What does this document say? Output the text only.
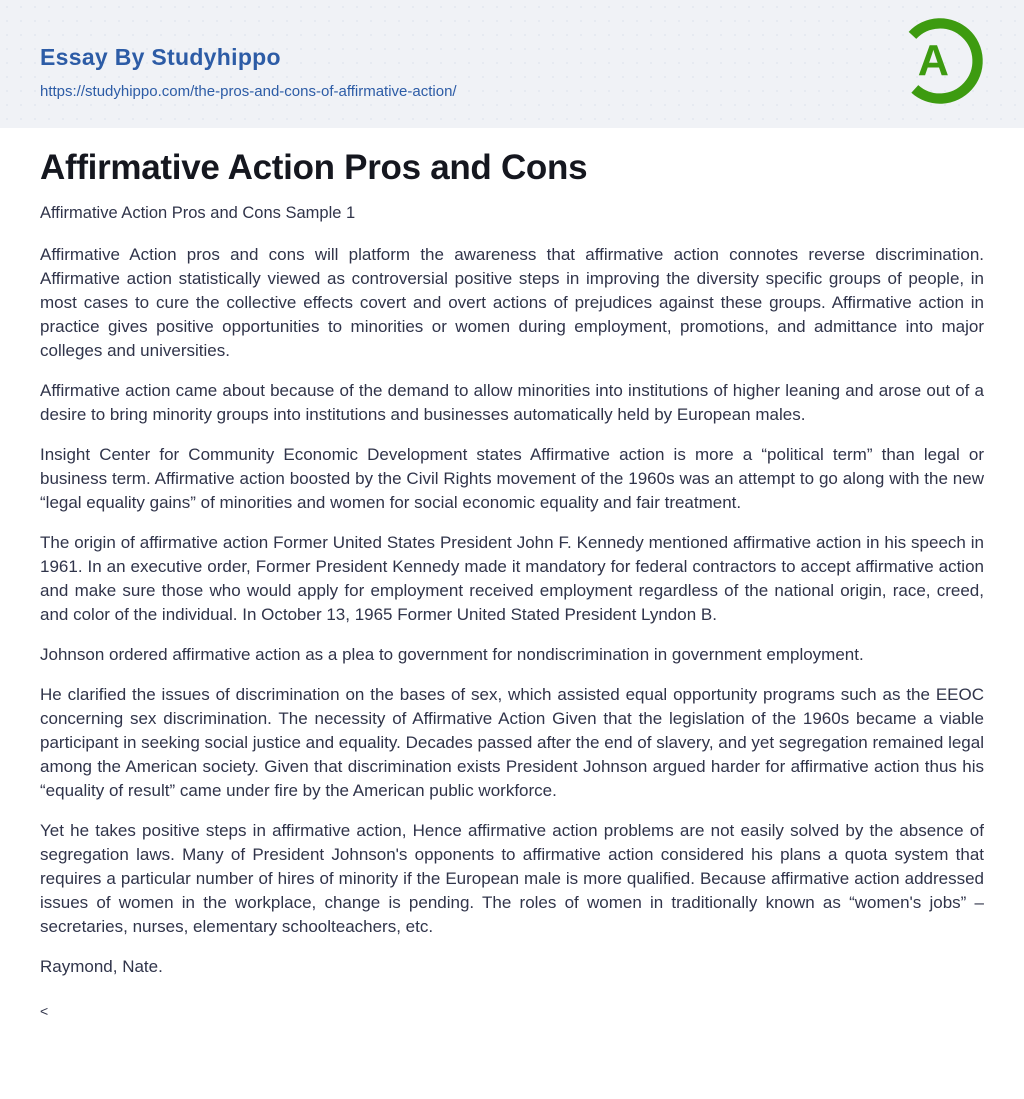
Essay By Studyhippo
https://studyhippo.com/the-pros-and-cons-of-affirmative-action/
A
Affirmative Action Pros and Cons
Affirmative Action Pros and Cons Sample 1

Affirmative Action pros and cons will platform the awareness that affirmative action connotes reverse discrimination. Affirmative action statistically viewed as controversial positive steps in improving the diversity specific groups of people, in most cases to cure the collective effects covert and overt actions of prejudices against these groups. Affirmative action in practice gives positive opportunities to minorities or women during employment, promotions, and admittance into major colleges and universities.

Affirmative action came about because of the demand to allow minorities into institutions of higher leaning and arose out of a desire to bring minority groups into institutions and businesses automatically held by European males.

Insight Center for Community Economic Development states Affirmative action is more a “political term” than legal or business term. Affirmative action boosted by the Civil Rights movement of the 1960s was an attempt to go along with the new “legal equality gains” of minorities and women for social economic equality and fair treatment.

The origin of affirmative action Former United States President John F. Kennedy mentioned affirmative action in his speech in 1961. In an executive order, Former President Kennedy made it mandatory for federal contractors to accept affirmative action and make sure those who would apply for employment received employment regardless of the national origin, race, creed, and color of the individual. In October 13, 1965 Former United Stated President Lyndon B.

Johnson ordered affirmative action as a plea to government for nondiscrimination in government employment.

He clarified the issues of discrimination on the bases of sex, which assisted equal opportunity programs such as the EEOC concerning sex discrimination. The necessity of Affirmative Action Given that the legislation of the 1960s became a viable participant in seeking social justice and equality. Decades passed after the end of slavery, and yet segregation remained legal among the American society. Given that discrimination exists President Johnson argued harder for affirmative action thus his “equality of result” came under fire by the American public workforce.

Yet he takes positive steps in affirmative action, Hence affirmative action problems are not easily solved by the absence of segregation laws. Many of President Johnson's opponents to affirmative action considered his plans a quota system that requires a particular number of hires of minority if the European male is more qualified. Because affirmative action addressed issues of women in the workplace, change is pending. The roles of women in traditionally known as “women's jobs” – secretaries, nurses, elementary schoolteachers, etc.

Raymond, Nate.
<
